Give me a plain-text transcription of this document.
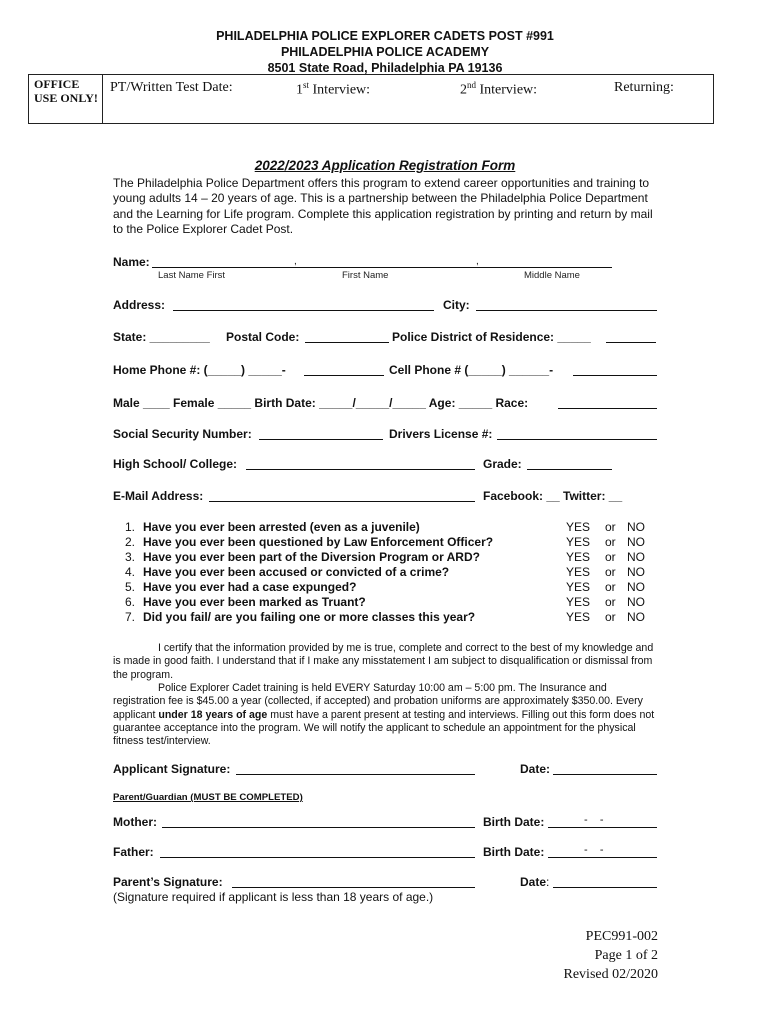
PHILADELPHIA POLICE EXPLORER CADETS POST #991
PHILADELPHIA POLICE ACADEMY
8501 State Road, Philadelphia PA 19136
OFFICE USE ONLY!
PT/Written Test Date:	1st Interview:	2nd Interview:	Returning:
2022/2023 Application Registration Form
The Philadelphia Police Department offers this program to extend career opportunities and training to young adults 14 – 20 years of age. This is a partnership between the Philadelphia Police Department and the Learning for Life program. Complete this application registration by printing and return by mail to the Police Explorer Cadet Post.
Name:	,	,
Last Name First	First Name	Middle Name
Address:	City:
State: _________ Postal Code:	Police District of Residence: _____
Home Phone #: (_____) _____-	Cell Phone # (_____) ______-
Male ____ Female _____ Birth Date: _____/_____/_____ Age: _____ Race:
Social Security Number:	Drivers License #:
High School/ College:	Grade:
E-Mail Address:	Facebook: __ Twitter: __
1. Have you ever been arrested (even as a juvenile)	YES or NO
2. Have you ever been questioned by Law Enforcement Officer?	YES or NO
3. Have you ever been part of the Diversion Program or ARD?	YES or NO
4. Have you ever been accused or convicted of a crime?	YES or NO
5. Have you ever had a case expunged?	YES or NO
6. Have you ever been marked as Truant?	YES or NO
7. Did you fail/ are you failing one or more classes this year?	YES or NO
I certify that the information provided by me is true, complete and correct to the best of my knowledge and is made in good faith. I understand that if I make any misstatement I am subject to disqualification or dismissal from the program.
Police Explorer Cadet training is held EVERY Saturday 10:00 am – 5:00 pm. The Insurance and registration fee is $45.00 a year (collected, if accepted) and probation uniforms are approximately $350.00. Every applicant under 18 years of age must have a parent present at testing and interviews. Filling out this form does not guarantee acceptance into the program. We will notify the applicant to schedule an appointment for the physical fitness test/interview.
Applicant Signature:	Date:
Parent/Guardian (MUST BE COMPLETED)
Mother:	Birth Date:	-    -
Father:	Birth Date:	-    -
Parent’s Signature:
(Signature required if applicant is less than 18 years of age.)
Date:
PEC991-002
Page 1 of 2
Revised 02/2020
